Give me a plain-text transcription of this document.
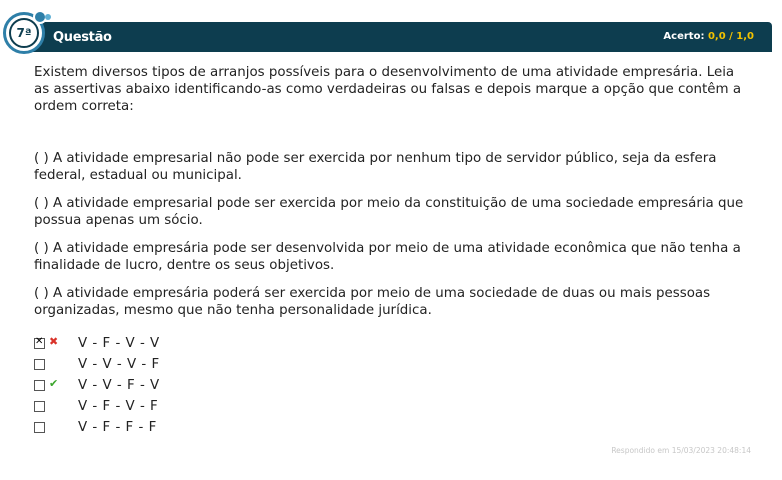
Questão	Acerto: 0,0 / 1,0
7ª

Existem diversos tipos de arranjos possíveis para o desenvolvimento de uma atividade empresária. Leia as assertivas abaixo identificando-as como verdadeiras ou falsas e depois marque a opção que contêm a ordem correta:

( ) A atividade empresarial não pode ser exercida por nenhum tipo de servidor público, seja da esfera federal, estadual ou municipal.

( ) A atividade empresarial pode ser exercida por meio da constituição de uma sociedade empresária que possua apenas um sócio.

( ) A atividade empresária pode ser desenvolvida por meio de uma atividade econômica que não tenha a finalidade de lucro, dentre os seus objetivos.

( ) A atividade empresária poderá ser exercida por meio de uma sociedade de duas ou mais pessoas organizadas, mesmo que não tenha personalidade jurídica.

✕
✖ V - F - V - V
V - V - V - F
✔ V - V - F - V
V - F - V - F
V - F - F - F
Respondido em 15/03/2023 20:48:14
